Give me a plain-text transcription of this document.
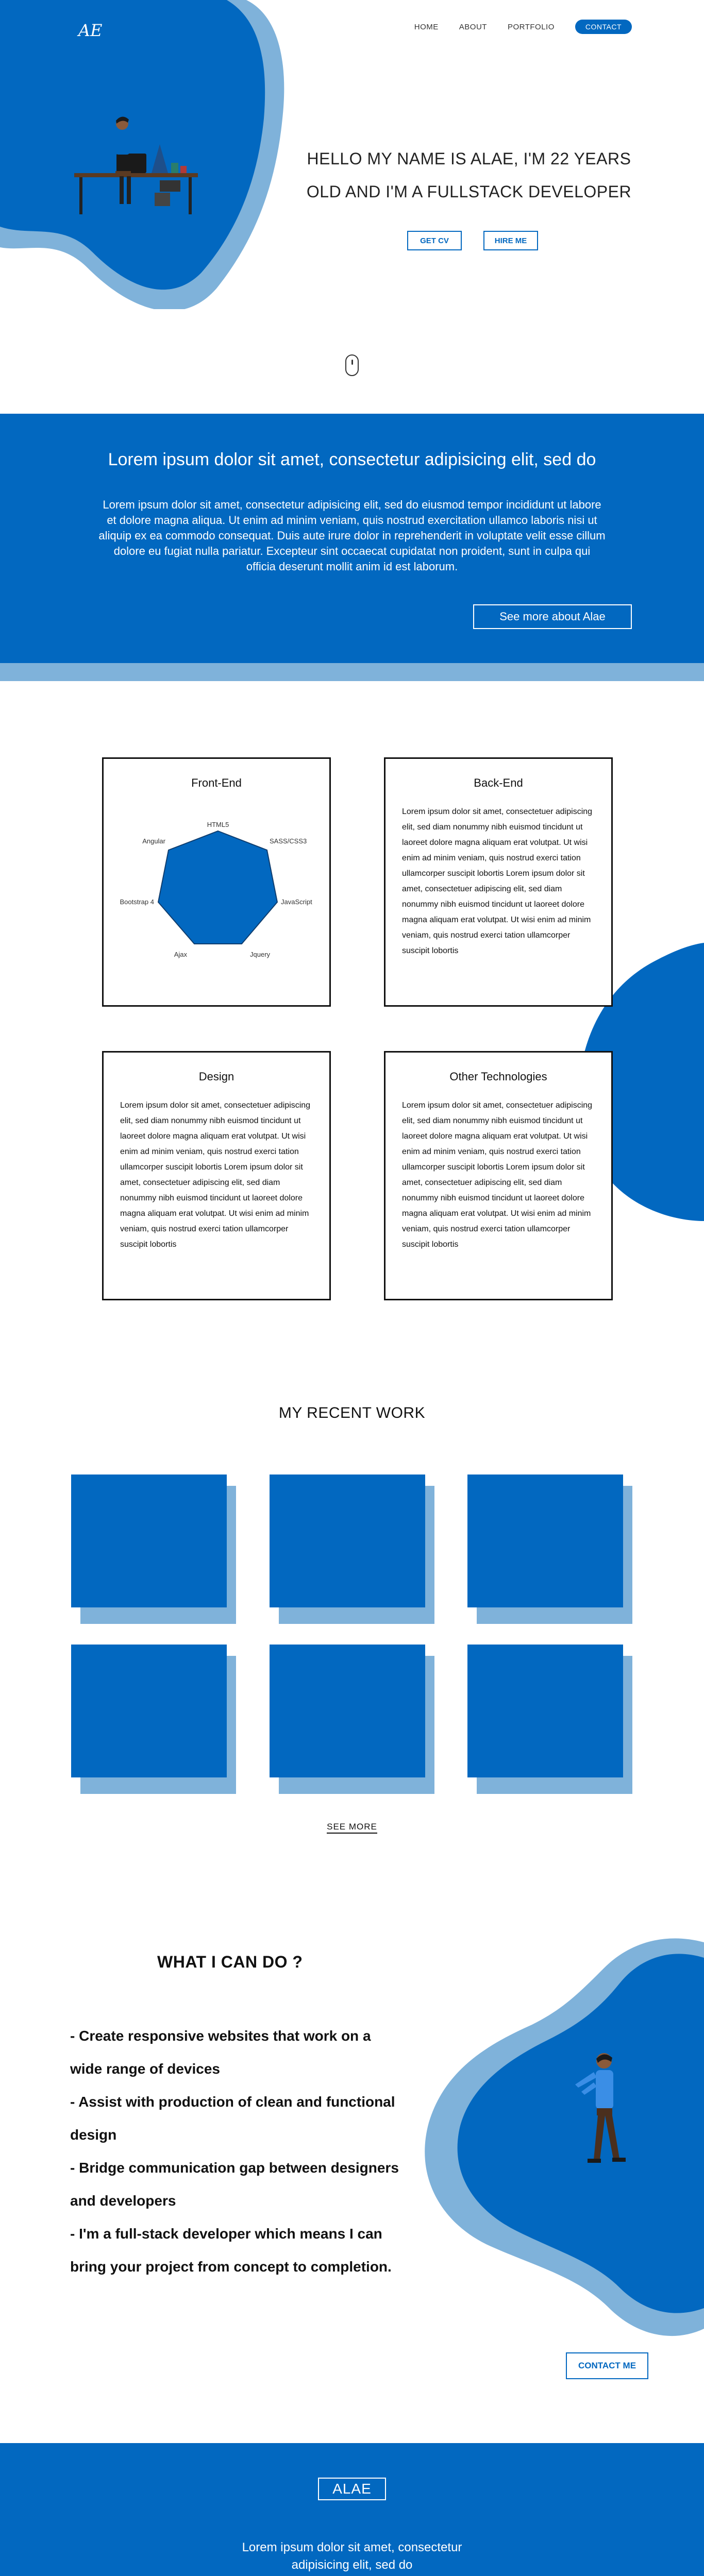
AE	HOME	ABOUT	PORTFOLIO	CONTACT
HELLO MY NAME IS ALAE, I'M 22 YEARS
OLD AND I'M A FULLSTACK DEVELOPER
GET CV	HIRE ME
Lorem ipsum dolor sit amet, consectetur adipisicing elit, sed do
Lorem ipsum dolor sit amet, consectetur adipisicing elit, sed do eiusmod tempor incididunt ut labore et dolore magna aliqua. Ut enim ad minim veniam, quis nostrud exercitation ullamco laboris nisi ut aliquip ex ea commodo consequat. Duis aute irure dolor in reprehenderit in voluptate velit esse cillum dolore eu fugiat nulla pariatur. Excepteur sint occaecat cupidatat non proident, sunt in culpa qui officia deserunt mollit anim id est laborum.
See more about Alae
Front-End
HTML5
SASS/CSS3
JavaScript
Jquery
Ajax
Bootstrap 4
Angular
Back-End
Lorem ipsum dolor sit amet, consectetuer adipiscing elit, sed diam nonummy nibh euismod tincidunt ut laoreet dolore magna aliquam erat volutpat. Ut wisi enim ad minim veniam, quis nostrud exerci tation ullamcorper suscipit lobortis Lorem ipsum dolor sit amet, consectetuer adipiscing elit, sed diam nonummy nibh euismod tincidunt ut laoreet dolore magna aliquam erat volutpat. Ut wisi enim ad minim veniam, quis nostrud exerci tation ullamcorper suscipit lobortis
Design
Lorem ipsum dolor sit amet, consectetuer adipiscing elit, sed diam nonummy nibh euismod tincidunt ut laoreet dolore magna aliquam erat volutpat. Ut wisi enim ad minim veniam, quis nostrud exerci tation ullamcorper suscipit lobortis Lorem ipsum dolor sit amet, consectetuer adipiscing elit, sed diam nonummy nibh euismod tincidunt ut laoreet dolore magna aliquam erat volutpat. Ut wisi enim ad minim veniam, quis nostrud exerci tation ullamcorper suscipit lobortis
Other Technologies
Lorem ipsum dolor sit amet, consectetuer adipiscing elit, sed diam nonummy nibh euismod tincidunt ut laoreet dolore magna aliquam erat volutpat. Ut wisi enim ad minim veniam, quis nostrud exerci tation ullamcorper suscipit lobortis Lorem ipsum dolor sit amet, consectetuer adipiscing elit, sed diam nonummy nibh euismod tincidunt ut laoreet dolore magna aliquam erat volutpat. Ut wisi enim ad minim veniam, quis nostrud exerci tation ullamcorper suscipit lobortis
MY RECENT WORK
SEE MORE
WHAT I CAN DO ?
- Create responsive websites that work on a wide range of devices
- Assist with production of clean and functional design
- Bridge communication gap between designers and developers
- I'm a full-stack developer which means I can bring your project from concept to completion.
CONTACT ME
ALAE
Lorem ipsum dolor sit amet, consectetur adipisicing elit, sed do
